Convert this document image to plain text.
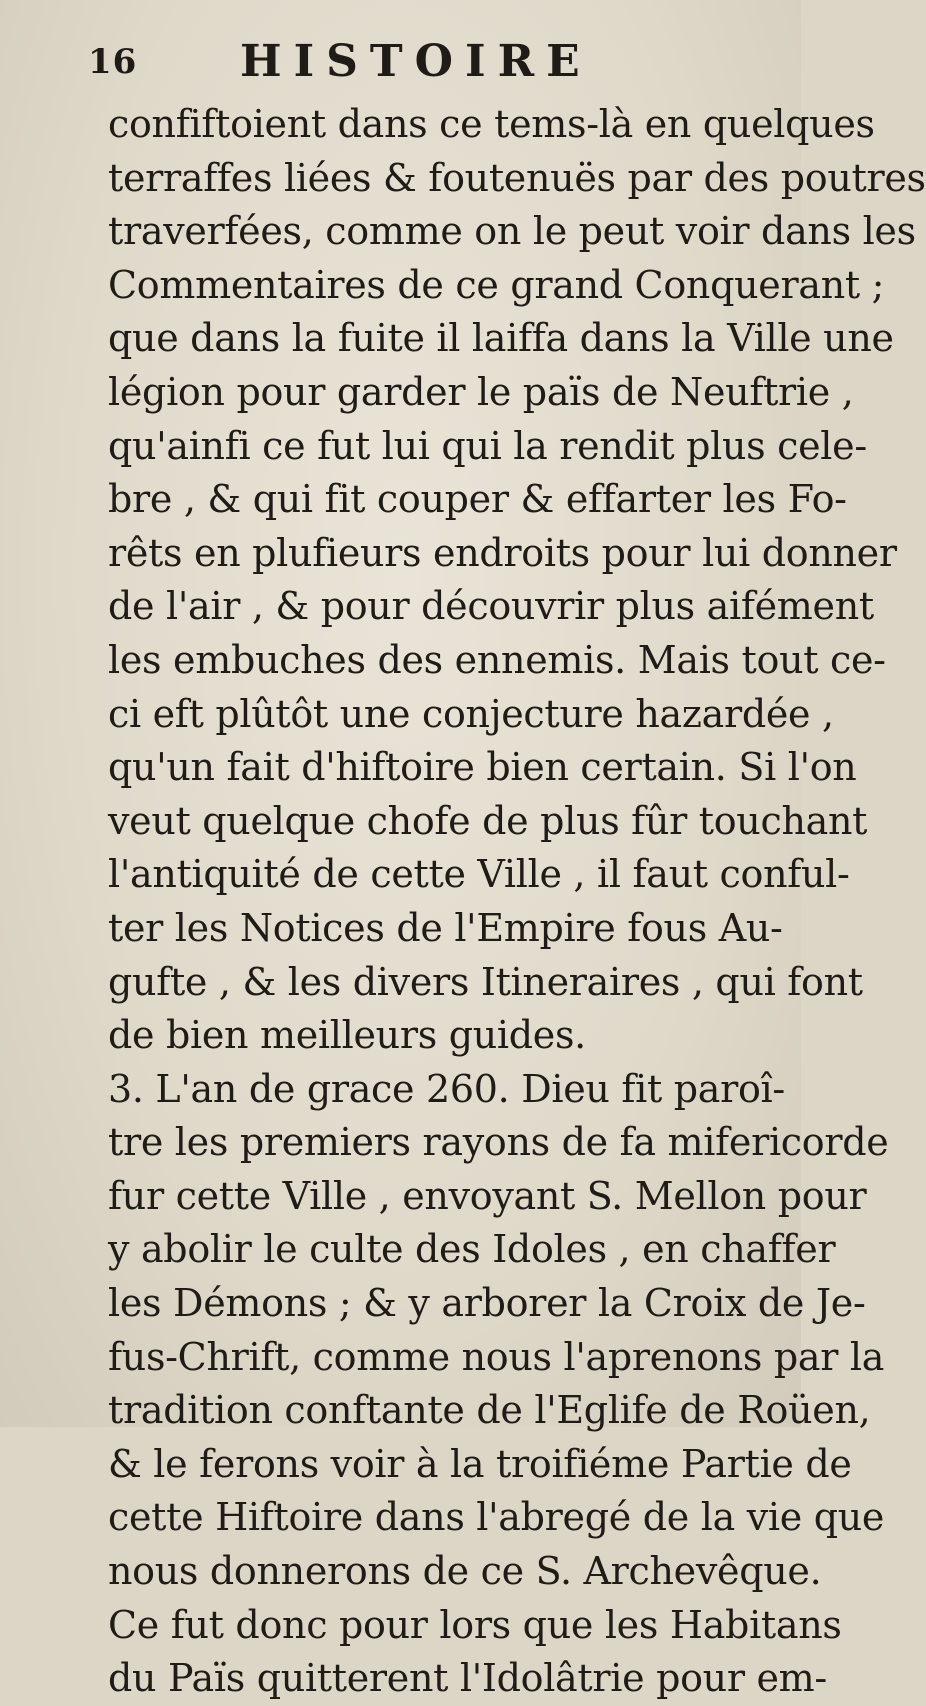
16 HISTOIRE
confiftoient dans ce tems-là en quelques
terraffes liées & foutenuës par des poutres
traverfées, comme on le peut voir dans les
Commentaires de ce grand Conquerant ;
que dans la fuite il laiffa dans la Ville une
légion pour garder le païs de Neuftrie ,
qu'ainfi ce fut lui qui la rendit plus cele-
bre , & qui fit couper & effarter les Fo-
rêts en plufieurs endroits pour lui donner
de l'air , & pour découvrir plus aifément
les embuches des ennemis. Mais tout ce-
ci eft plûtôt une conjecture hazardée ,
qu'un fait d'hiftoire bien certain. Si l'on
veut quelque chofe de plus fûr touchant
l'antiquité de cette Ville , il faut conful-
ter les Notices de l'Empire fous Au-
gufte , & les divers Itineraires , qui font
de bien meilleurs guides.
3. L'an de grace 260. Dieu fit paroî-
tre les premiers rayons de fa mifericorde
fur cette Ville , envoyant S. Mellon pour
y abolir le culte des Idoles , en chaffer
les Démons ; & y arborer la Croix de Je-
fus-Chrift, comme nous l'aprenons par la
tradition conftante de l'Eglife de Roüen,
& le ferons voir à la troifiéme Partie de
cette Hiftoire dans l'abregé de la vie que
nous donnerons de ce S. Archevêque.
Ce fut donc pour lors que les Habitans
du Païs quitterent l'Idolâtrie pour em-
